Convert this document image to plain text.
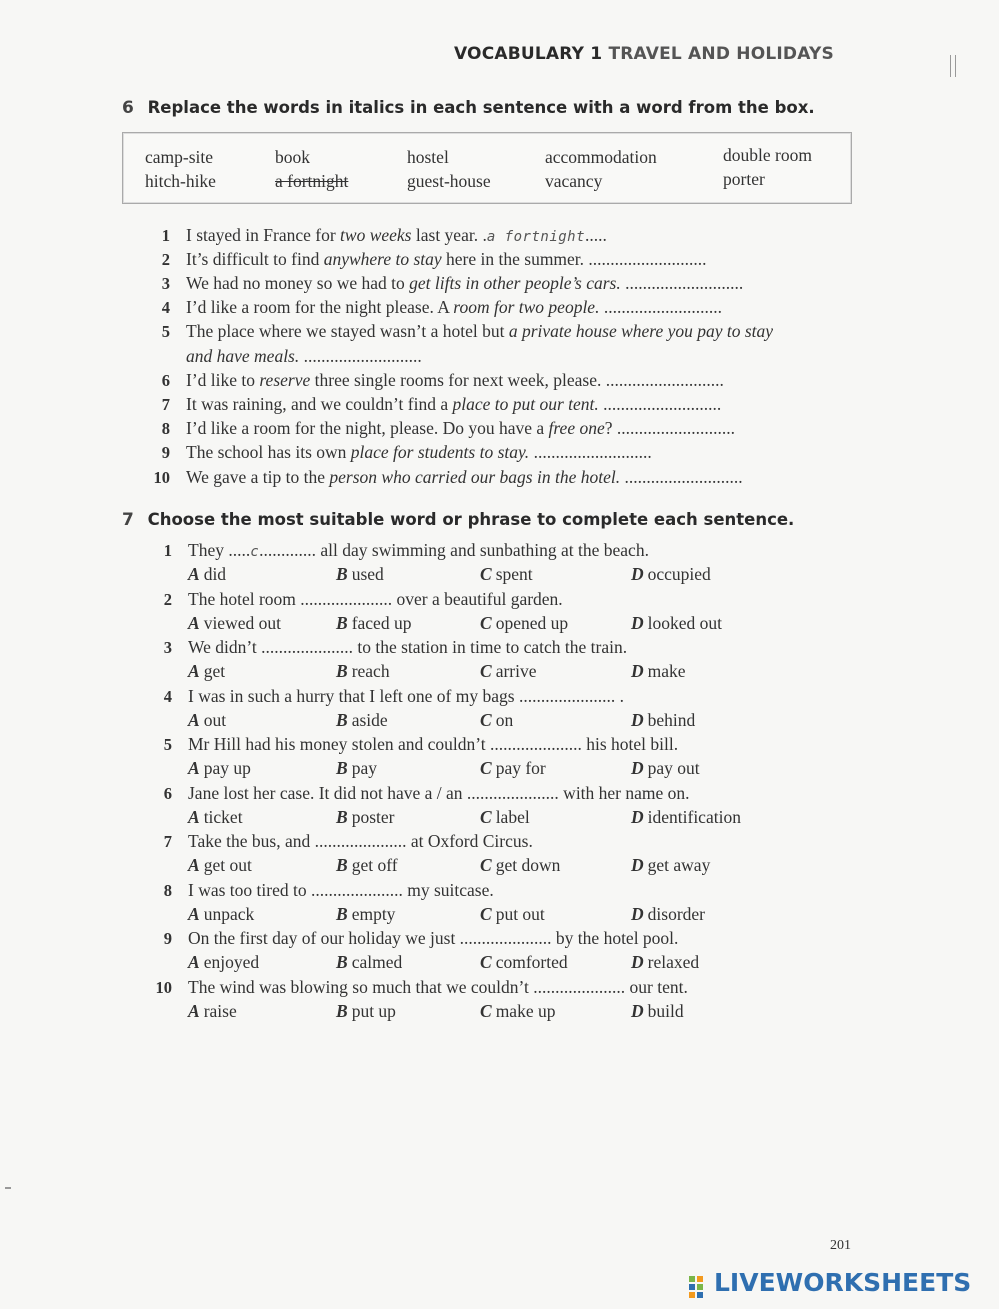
VOCABULARY 1 TRAVEL AND HOLIDAYS
6 Replace the words in italics in each sentence with a word from the box.
camp-site	book	hostel	accommodation	double room
hitch-hike	a fortnight	guest-house	vacancy	porter
1 I stayed in France for two weeks last year. .a fortnight.....
2 It’s difficult to find anywhere to stay here in the summer. ...........................
3 We had no money so we had to get lifts in other people’s cars. ...........................
4 I’d like a room for the night please. A room for two people. ...........................
5 The place where we stayed wasn’t a hotel but a private house where you pay to stay
and have meals. ...........................
6 I’d like to reserve three single rooms for next week, please. ...........................
7 It was raining, and we couldn’t find a place to put our tent. ...........................
8 I’d like a room for the night, please. Do you have a free one? ...........................
9 The school has its own place for students to stay. ...........................
10 We gave a tip to the person who carried our bags in the hotel. ...........................
7 Choose the most suitable word or phrase to complete each sentence.
1 They .....c............. all day swimming and sunbathing at the beach.
A did	B used	C spent	D occupied
2 The hotel room ..................... over a beautiful garden.
A viewed out	B faced up	C opened up	D looked out
3 We didn’t ..................... to the station in time to catch the train.
A get	B reach	C arrive	D make
4 I was in such a hurry that I left one of my bags ...................... .
A out	B aside	C on	D behind
5 Mr Hill had his money stolen and couldn’t ..................... his hotel bill.
A pay up	B pay	C pay for	D pay out
6 Jane lost her case. It did not have a / an ..................... with her name on.
A ticket	B poster	C label	D identification
7 Take the bus, and ..................... at Oxford Circus.
A get out	B get off	C get down	D get away
8 I was too tired to ..................... my suitcase.
A unpack	B empty	C put out	D disorder
9 On the first day of our holiday we just ..................... by the hotel pool.
A enjoyed	B calmed	C comforted	D relaxed
10 The wind was blowing so much that we couldn’t ..................... our tent.
A raise	B put up	C make up	D build
201
LIVEWORKSHEETS
